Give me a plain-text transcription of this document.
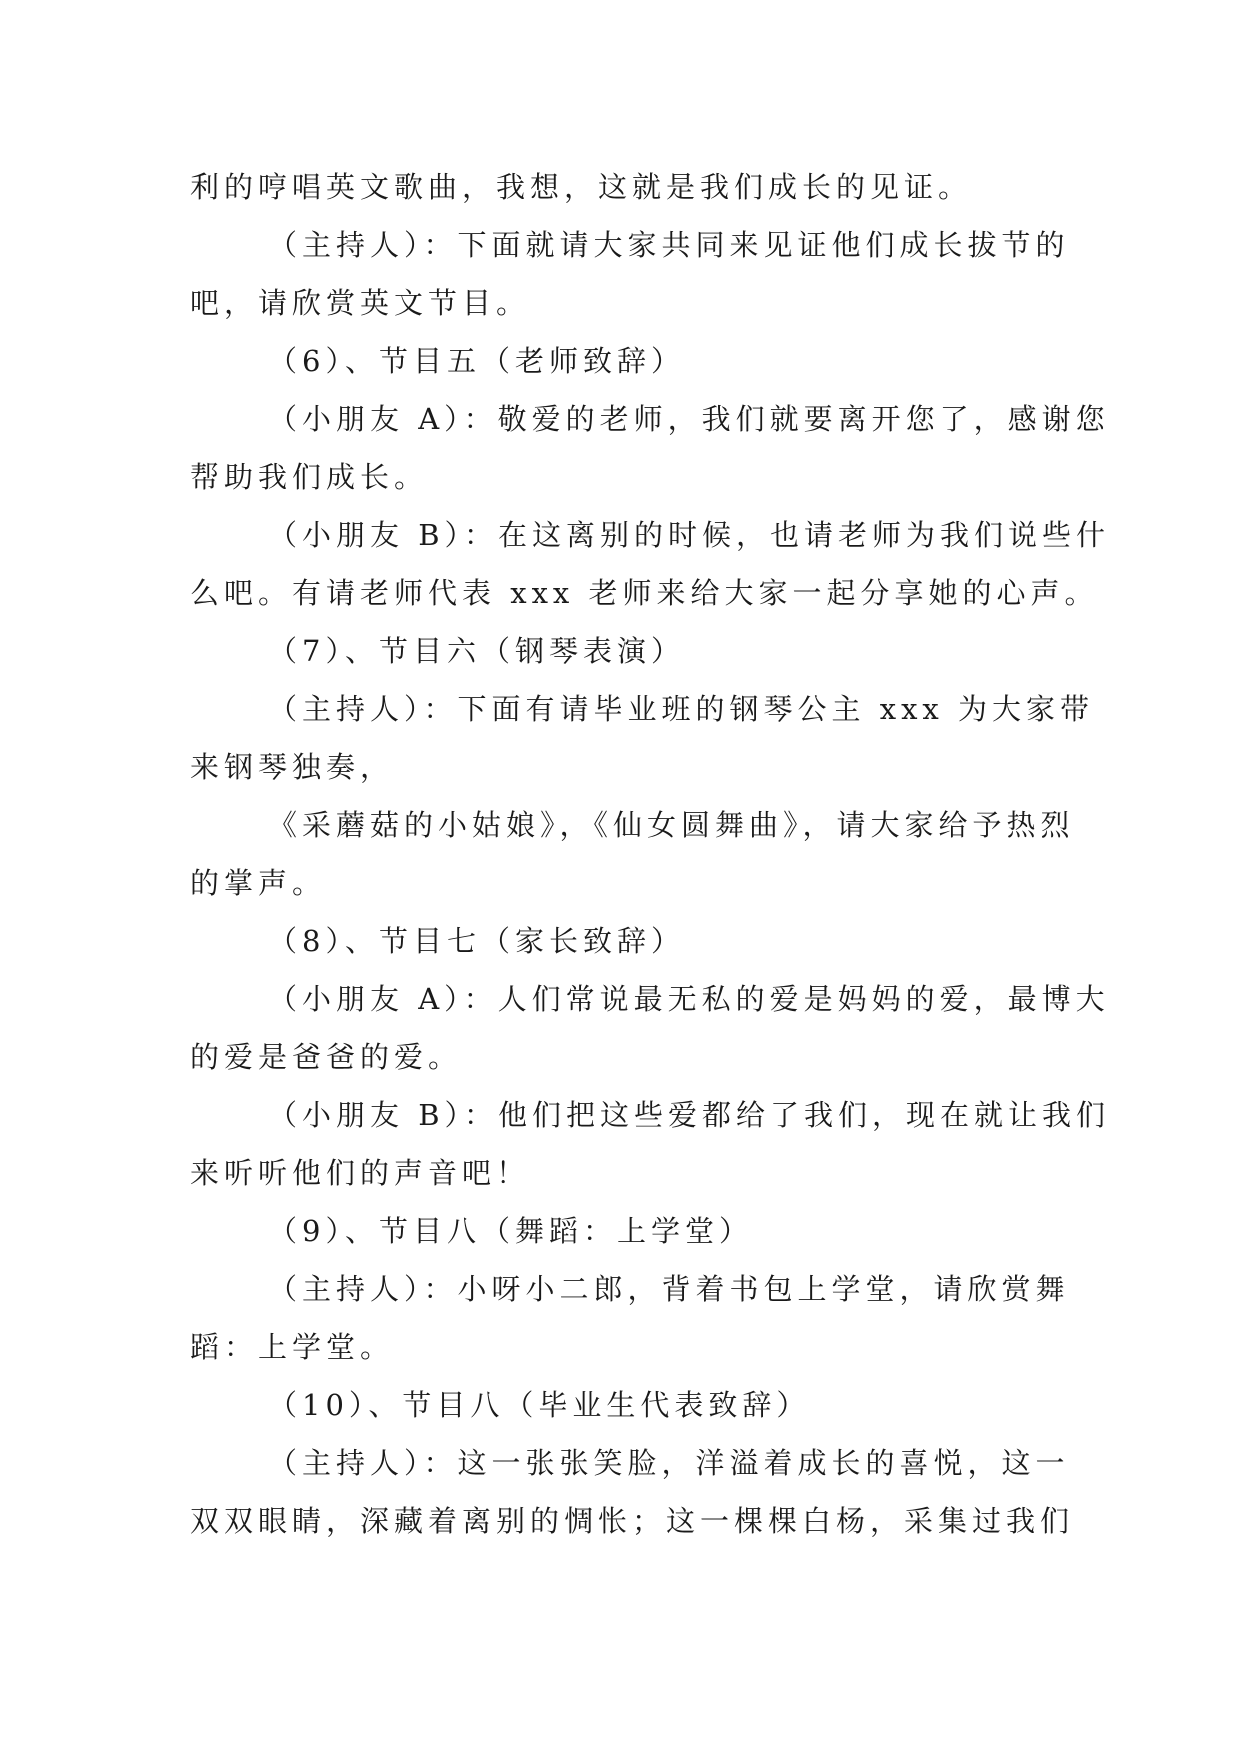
利的哼唱英文歌曲，我想，这就是我们成长的见证。
（主持人）：下面就请大家共同来见证他们成长拔节的
吧，请欣赏英文节目。
（6）、节目五（老师致辞）
（小朋友 A）：敬爱的老师，我们就要离开您了，感谢您
帮助我们成长。
（小朋友 B）：在这离别的时候，也请老师为我们说些什
么吧。有请老师代表 xxx 老师来给大家一起分享她的心声。
（7）、节目六（钢琴表演）
（主持人）：下面有请毕业班的钢琴公主 xxx 为大家带
来钢琴独奏，
《采蘑菇的小姑娘》，《仙女圆舞曲》，请大家给予热烈
的掌声。
（8）、节目七（家长致辞）
（小朋友 A）：人们常说最无私的爱是妈妈的爱，最博大
的爱是爸爸的爱。
（小朋友 B）：他们把这些爱都给了我们，现在就让我们
来听听他们的声音吧！
（9）、节目八（舞蹈：上学堂）
（主持人）：小呀小二郎，背着书包上学堂，请欣赏舞
蹈：上学堂。
（10）、节目八（毕业生代表致辞）
（主持人）：这一张张笑脸，洋溢着成长的喜悦，这一
双双眼睛，深藏着离别的惆怅；这一棵棵白杨，采集过我们
